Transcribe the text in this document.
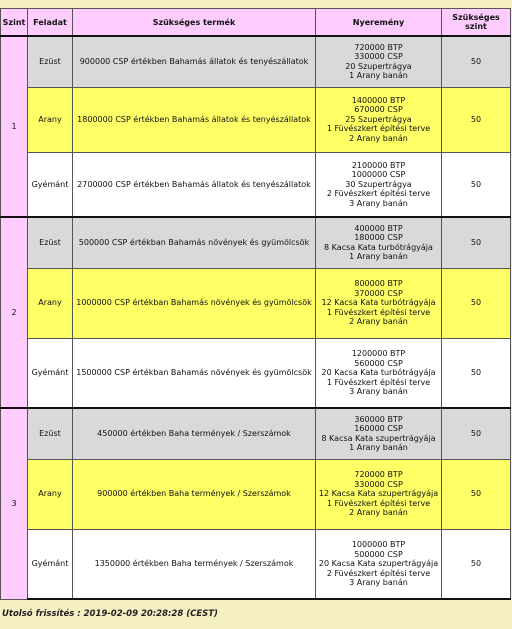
Szint	Feladat	Szükséges termék	Nyeremény	Szükséges szint
1	Ezüst	900000 CSP értékben Bahamás állatok és tenyészállatok	720000 BTP
330000 CSP
20 Szupertrágya
1 Arany banán	50
	Arany	1800000 CSP értékben Bahamás állatok és tenyészállatok	1400000 BTP
670000 CSP
25 Szupertrágya
1 Füvészkert építési terve
2 Arany banán	50
	Gyémánt	2700000 CSP értékben Bahamás állatok és tenyészállatok	2100000 BTP
1000000 CSP
30 Szupertrágya
2 Füvészkert építési terve
3 Arany banán	50
2	Ezüst	500000 CSP értékban Bahamás növények és gyümölcsök	400000 BTP
180000 CSP
8 Kacsa Kata turbótrágyája
1 Arany banán	50
	Arany	1000000 CSP értékban Bahamás növények és gyümölcsök	800000 BTP
370000 CSP
12 Kacsa Kata turbótrágyája
1 Füvészkert építési terve
2 Arany banán	50
	Gyémánt	1500000 CSP értékban Bahamás növények és gyümölcsök	1200000 BTP
560000 CSP
20 Kacsa Kata turbótrágyája
1 Füvészkert építési terve
3 Arany banán	50
3	Ezüst	450000 értékben Baha termények / Szerszámok	360000 BTP
160000 CSP
8 Kacsa Kata szupertrágyája
1 Arany banán	50
	Arany	900000 értékben Baha termények / Szerszámok	720000 BTP
330000 CSP
12 Kacsa Kata szupertrágyája
1 Füvészkert építési terve
2 Arany banán	50
	Gyémánt	1350000 értékben Baha termények / Szerszámok	1000000 BTP
500000 CSP
20 Kacsa Kata szupertrágyája
2 Füvészkert építési terve
3 Arany banán	50
Utolsó frissítés : 2019-02-09 20:28:28 (CEST)
